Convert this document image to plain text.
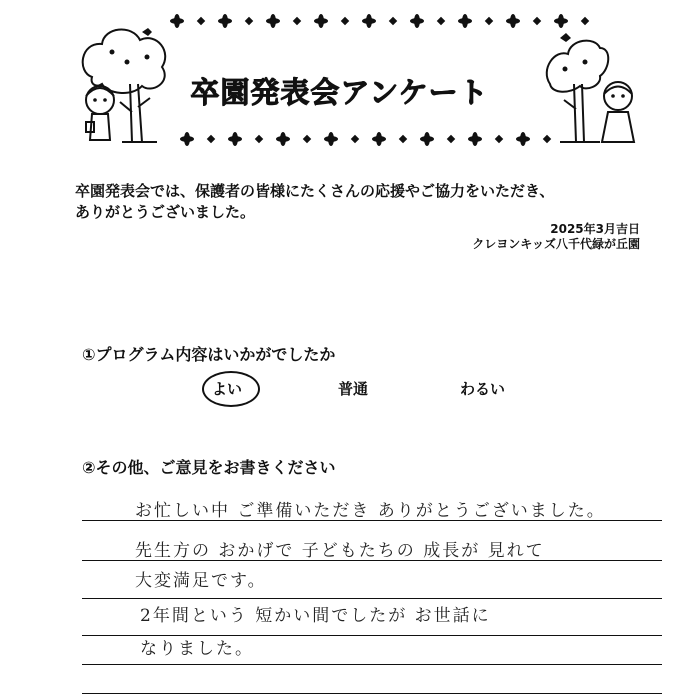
卒園発表会アンケート
卒園発表会では、保護者の皆様にたくさんの応援やご協力をいただき、
ありがとうございました。
2025年3月吉日
クレヨンキッズ八千代緑が丘園
①プログラム内容はいかがでしたか
よい	普通	わるい
②その他、ご意見をお書きください
お忙しい中 ご準備いただき ありがとうございました。
先生方の おかげで 子どもたちの 成長が 見れて
大変満足です。
2年間という 短かい間でしたが お世話に
なりました。
